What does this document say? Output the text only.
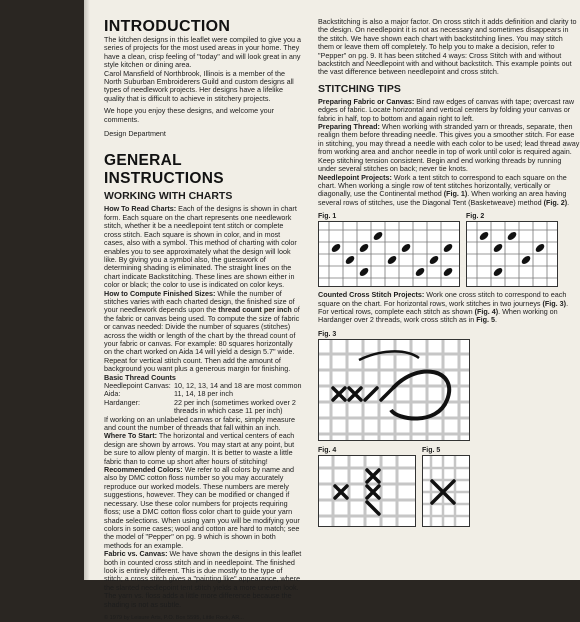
INTRODUCTION

The kitchen designs in this leaflet were compiled to give you a series of projects for the most used areas in your home. They have a clean, crisp feeling of "today" and will look great in any style kitchen or dining area.

Carol Mansfield of Northbrook, Illinois is a member of the North Suburban Embroiderers Guild and custom designs all types of needlework projects. Her designs have a lifelike quality that is difficult to achieve in stitchery projects.

We hope you enjoy these designs, and welcome your comments.

Design Department

GENERAL INSTRUCTIONS
WORKING WITH CHARTS

How To Read Charts: Each of the designs is shown in chart form. Each square on the chart represents one needlework stitch, whether it be a needlepoint tent stitch or complete cross stitch. Each square is shown in color, and in most cases, also with a symbol. This method of charting with color enables you to see approximately what the design will look like. By giving you a symbol also, the guesswork of determining shading is eliminated. The straight lines on the chart indicate Backstitching. These lines are shown either in color or black; the color to use is indicated on color keys.

How to Compute Finished Sizes: While the number of stitches varies with each charted design, the finished size of your needlework depends upon the thread count per inch of the fabric or canvas being used. To compute the size of fabric or canvas needed: Divide the number of squares (stitches) across the width or length of the chart by the thread count of your fabric or canvas. For example: 80 squares horizontally on the chart worked on Aida 14 will yield a design 5.7" wide. Repeat for vertical stitch count. Then add the amount of background you want plus a generous margin for finishing.

Basic Thread Counts

Needlepoint Canvas:	10, 12, 13, 14 and 18 are most common
Aida:	11, 14, 18 per inch
Hardanger:	22 per inch (sometimes worked over 2 threads in which case 11 per inch)

If working on an unlabeled canvas or fabric, simply measure and count the number of threads that fall within an inch.

Where To Start: The horizontal and vertical centers of each design are shown by arrows. You may start at any point, but be sure to allow plenty of margin. It is better to waste a little fabric than to come up short after hours of stitching!

Recommended Colors: We refer to all colors by name and also by DMC cotton floss number so you may accurately reproduce our worked models. These numbers are merely suggestions, however. They can be modified or changed if necessary. Use these color numbers for projects requiring floss; use a DMC cotton floss color chart to guide your yarn shade selections. When using yarn you will be modifying your colors in some cases; wool and cotton are hard to match; see the model of "Pepper" on pg. 9 which is shown in both methods for an example.

Fabric vs. Canvas: We have shown the designs in this leaflet both in counted cross stitch and in needlepoint. The finished look is entirely different. This is due mostly to the type of stitch; a cross stitch gives a "painting like" appearance, where the slanted needlepoint tent stitch yields a more uneven look. The yarn vs. floss adds a little more difference because the shading is not as subtle.

© 1979 by Leisure Arts, P.O. Box 5595, Little Rock, AR...

Backstitching is also a major factor. On cross stitch it adds definition and clarity to the design. On needlepoint it is not as necessary and sometimes disappears in the stitch. We have shown each chart with backstitching lines. You may stitch them or leave them off completely. To help you to make a decision, refer to "Pepper" on pg. 9. It has been stitched 4 ways: Cross Stitch with and without backstitch and Needlepoint with and without backstitch. This example points out the vast difference between needlepoint and cross stitch.

STITCHING TIPS

Preparing Fabric or Canvas: Bind raw edges of canvas with tape; overcast raw edges of fabric. Locate horizontal and vertical centers by folding your canvas or fabric in half, top to bottom and again right to left.

Preparing Thread: When working with stranded yarn or threads, separate, then realign them before threading needle. This gives you a smoother stitch. For ease in stitching, you may thread a needle with each color to be used; lead thread away from working area and anchor needle in top of work until color is required again. Keep stitching tension consistent. Begin and end working threads by running under several stitches on back; never tie knots.

Needlepoint Projects: Work a tent stitch to correspond to each square on the chart. When working a single row of tent stitches horizontally, vertically or diagonally, use the Continental method (Fig. 1). When working an area having several rows of stitches, use the Diagonal Tent (Basketweave) method (Fig. 2).

Fig. 1	Fig. 2

Counted Cross Stitch Projects: Work one cross stitch to correspond to each square on the chart. For horizontal rows, work stitches in two journeys (Fig. 3). For vertical rows, complete each stitch as shown (Fig. 4). When working on Hardanger over 2 threads, work cross stitch as in Fig. 5.

Fig. 3
Fig. 4	Fig. 5
